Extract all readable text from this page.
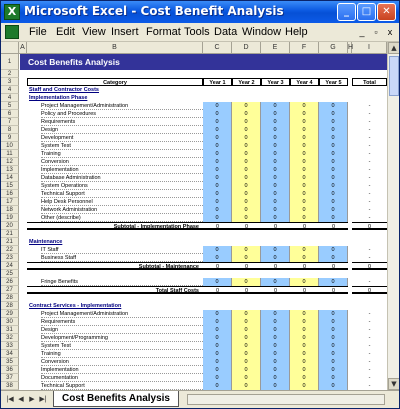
X Microsoft Excel - Cost Benefit Analysis	_	□	✕
File Edit View Insert Format Tools Data Window Help	_	▫	x
A	B	C	D	E	F	G	H	I
1	Cost Benefits Analysis
2
3	Category	Year 1	Year 2	Year 3	Year 4	Year 5	Total
4	Staff and Contractor Costs
4	Implementation Phase
5	Project Management/Administration	0	0	0	0	0	-
6	Policy and Procedures	0	0	0	0	0	-
7	Requirements	0	0	0	0	0	-
8	Design	0	0	0	0	0	-
9	Development	0	0	0	0	0	-
10	System Test	0	0	0	0	0	-
11	Training	0	0	0	0	0	-
12	Conversion	0	0	0	0	0	-
13	Implementation	0	0	0	0	0	-
14	Database Administration	0	0	0	0	0	-
15	System Operations	0	0	0	0	0	-
16	Technical Support	0	0	0	0	0	-
17	Help Desk Personnel	0	0	0	0	0	-
18	Network Administration	0	0	0	0	0	-
19	Other (describe)	0	0	0	0	0	-
20	Subtotal - Implementation Phase	0	0	0	0	0	0
21
21	Maintenance
22	IT Staff	0	0	0	0	0	-
23	Business Staff	0	0	0	0	0	-
24	Subtotal - Maintenance	0	0	0	0	0	0
25
26	Fringe Benefits	0	0	0	0	0	-
27	Total Staff Costs	0	0	0	0	0	0
28
28	Contract Services - Implementation
29	Project Management/Administration	0	0	0	0	0	-
30	Requirements	0	0	0	0	0	-
31	Design	0	0	0	0	0	-
32	Development/Programming	0	0	0	0	0	-
33	System Test	0	0	0	0	0	-
34	Training	0	0	0	0	0	-
35	Conversion	0	0	0	0	0	-
36	Implementation	0	0	0	0	0	-
37	Documentation	0	0	0	0	0	-
38	Technical Support	0	0	0	0	0	-
▲
▼
|◀ ◀ ▶ ▶|	Cost Benefits Analysis
